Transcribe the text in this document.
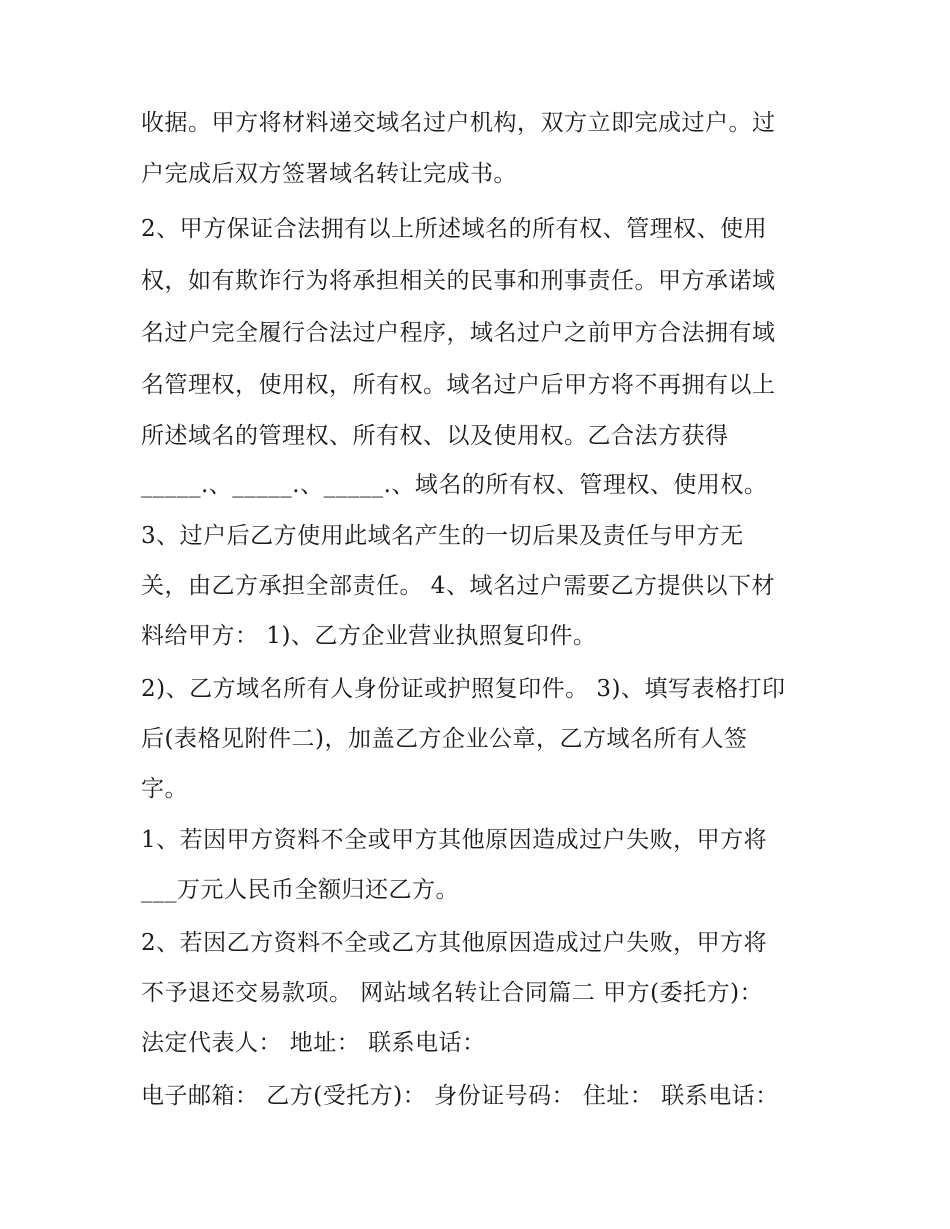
收据。甲方将材料递交域名过户机构，双方立即完成过户。过
户完成后双方签署域名转让完成书。
2、甲方保证合法拥有以上所述域名的所有权、管理权、使用
权，如有欺诈行为将承担相关的民事和刑事责任。甲方承诺域
名过户完全履行合法过户程序，域名过户之前甲方合法拥有域
名管理权，使用权，所有权。域名过户后甲方将不再拥有以上
所述域名的管理权、所有权、以及使用权。乙合法方获得
_____.、_____.、_____.、域名的所有权、管理权、使用权。
3、过户后乙方使用此域名产生的一切后果及责任与甲方无
关，由乙方承担全部责任。 4、域名过户需要乙方提供以下材
料给甲方： 1)、乙方企业营业执照复印件。
2)、乙方域名所有人身份证或护照复印件。 3)、填写表格打印
后(表格见附件二)，加盖乙方企业公章，乙方域名所有人签
字。
1、若因甲方资料不全或甲方其他原因造成过户失败，甲方将
___万元人民币全额归还乙方。
2、若因乙方资料不全或乙方其他原因造成过户失败，甲方将
不予退还交易款项。 网站域名转让合同篇二 甲方(委托方)：
法定代表人： 地址： 联系电话：
电子邮箱： 乙方(受托方)： 身份证号码： 住址： 联系电话：
